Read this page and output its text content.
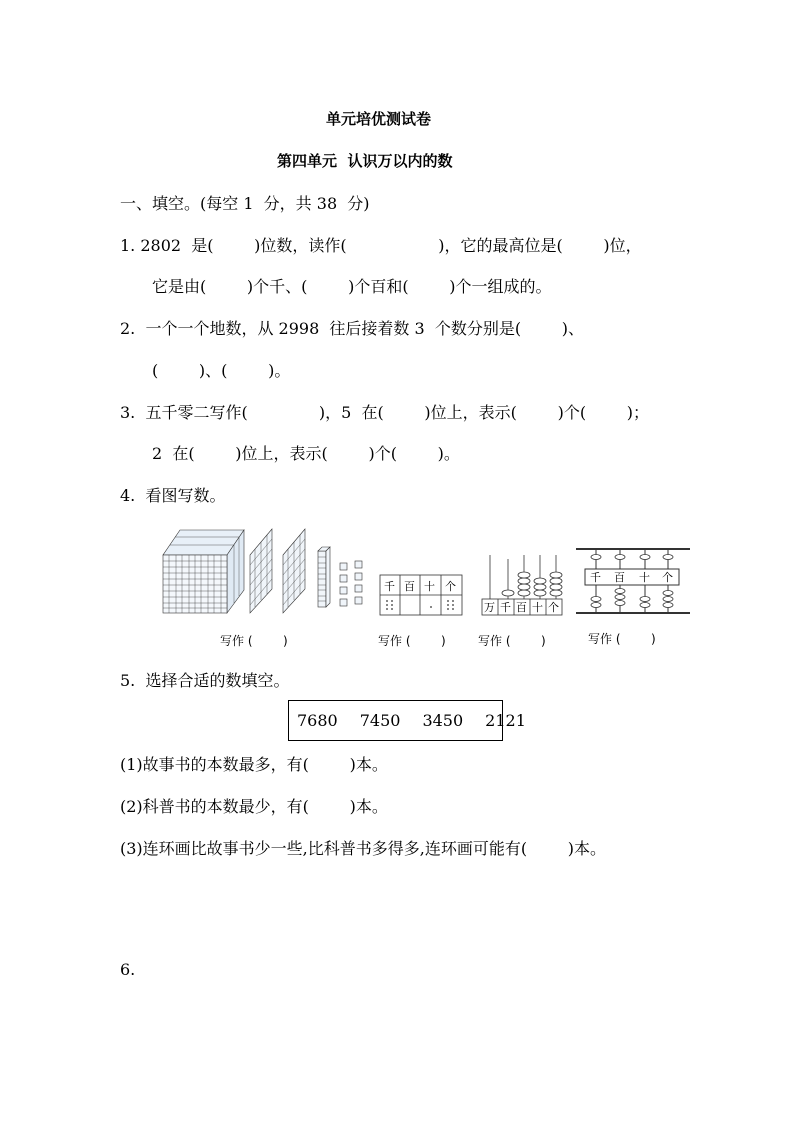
单元培优测试卷
第四单元  认识万以内的数
一、填空。(每空 1  分，共 38  分)
1. 2802  是(        )位数，读作(                  )，它的最高位是(        )位，
它是由(        )个千、(        )个百和(        )个一组成的。
2.  一个一个地数，从 2998  往后接着数 3  个数分别是(        )、
(        )、(        )。
3.  五千零二写作(              )，5  在(        )位上，表示(        )个(        )；
2  在(        )位上，表示(        )个(        )。
4.  看图写数。
千 百 十 个
万 千 百 十 个
千 百 十 个
写作 (        )	写作 (        )	写作 (        )	写作 (        )
5.  选择合适的数填空。
7680 7450 3450 2121
(1)故事书的本数最多，有(        )本。
(2)科普书的本数最少，有(        )本。
(3)连环画比故事书少一些,比科普书多得多,连环画可能有(        )本。
6.
